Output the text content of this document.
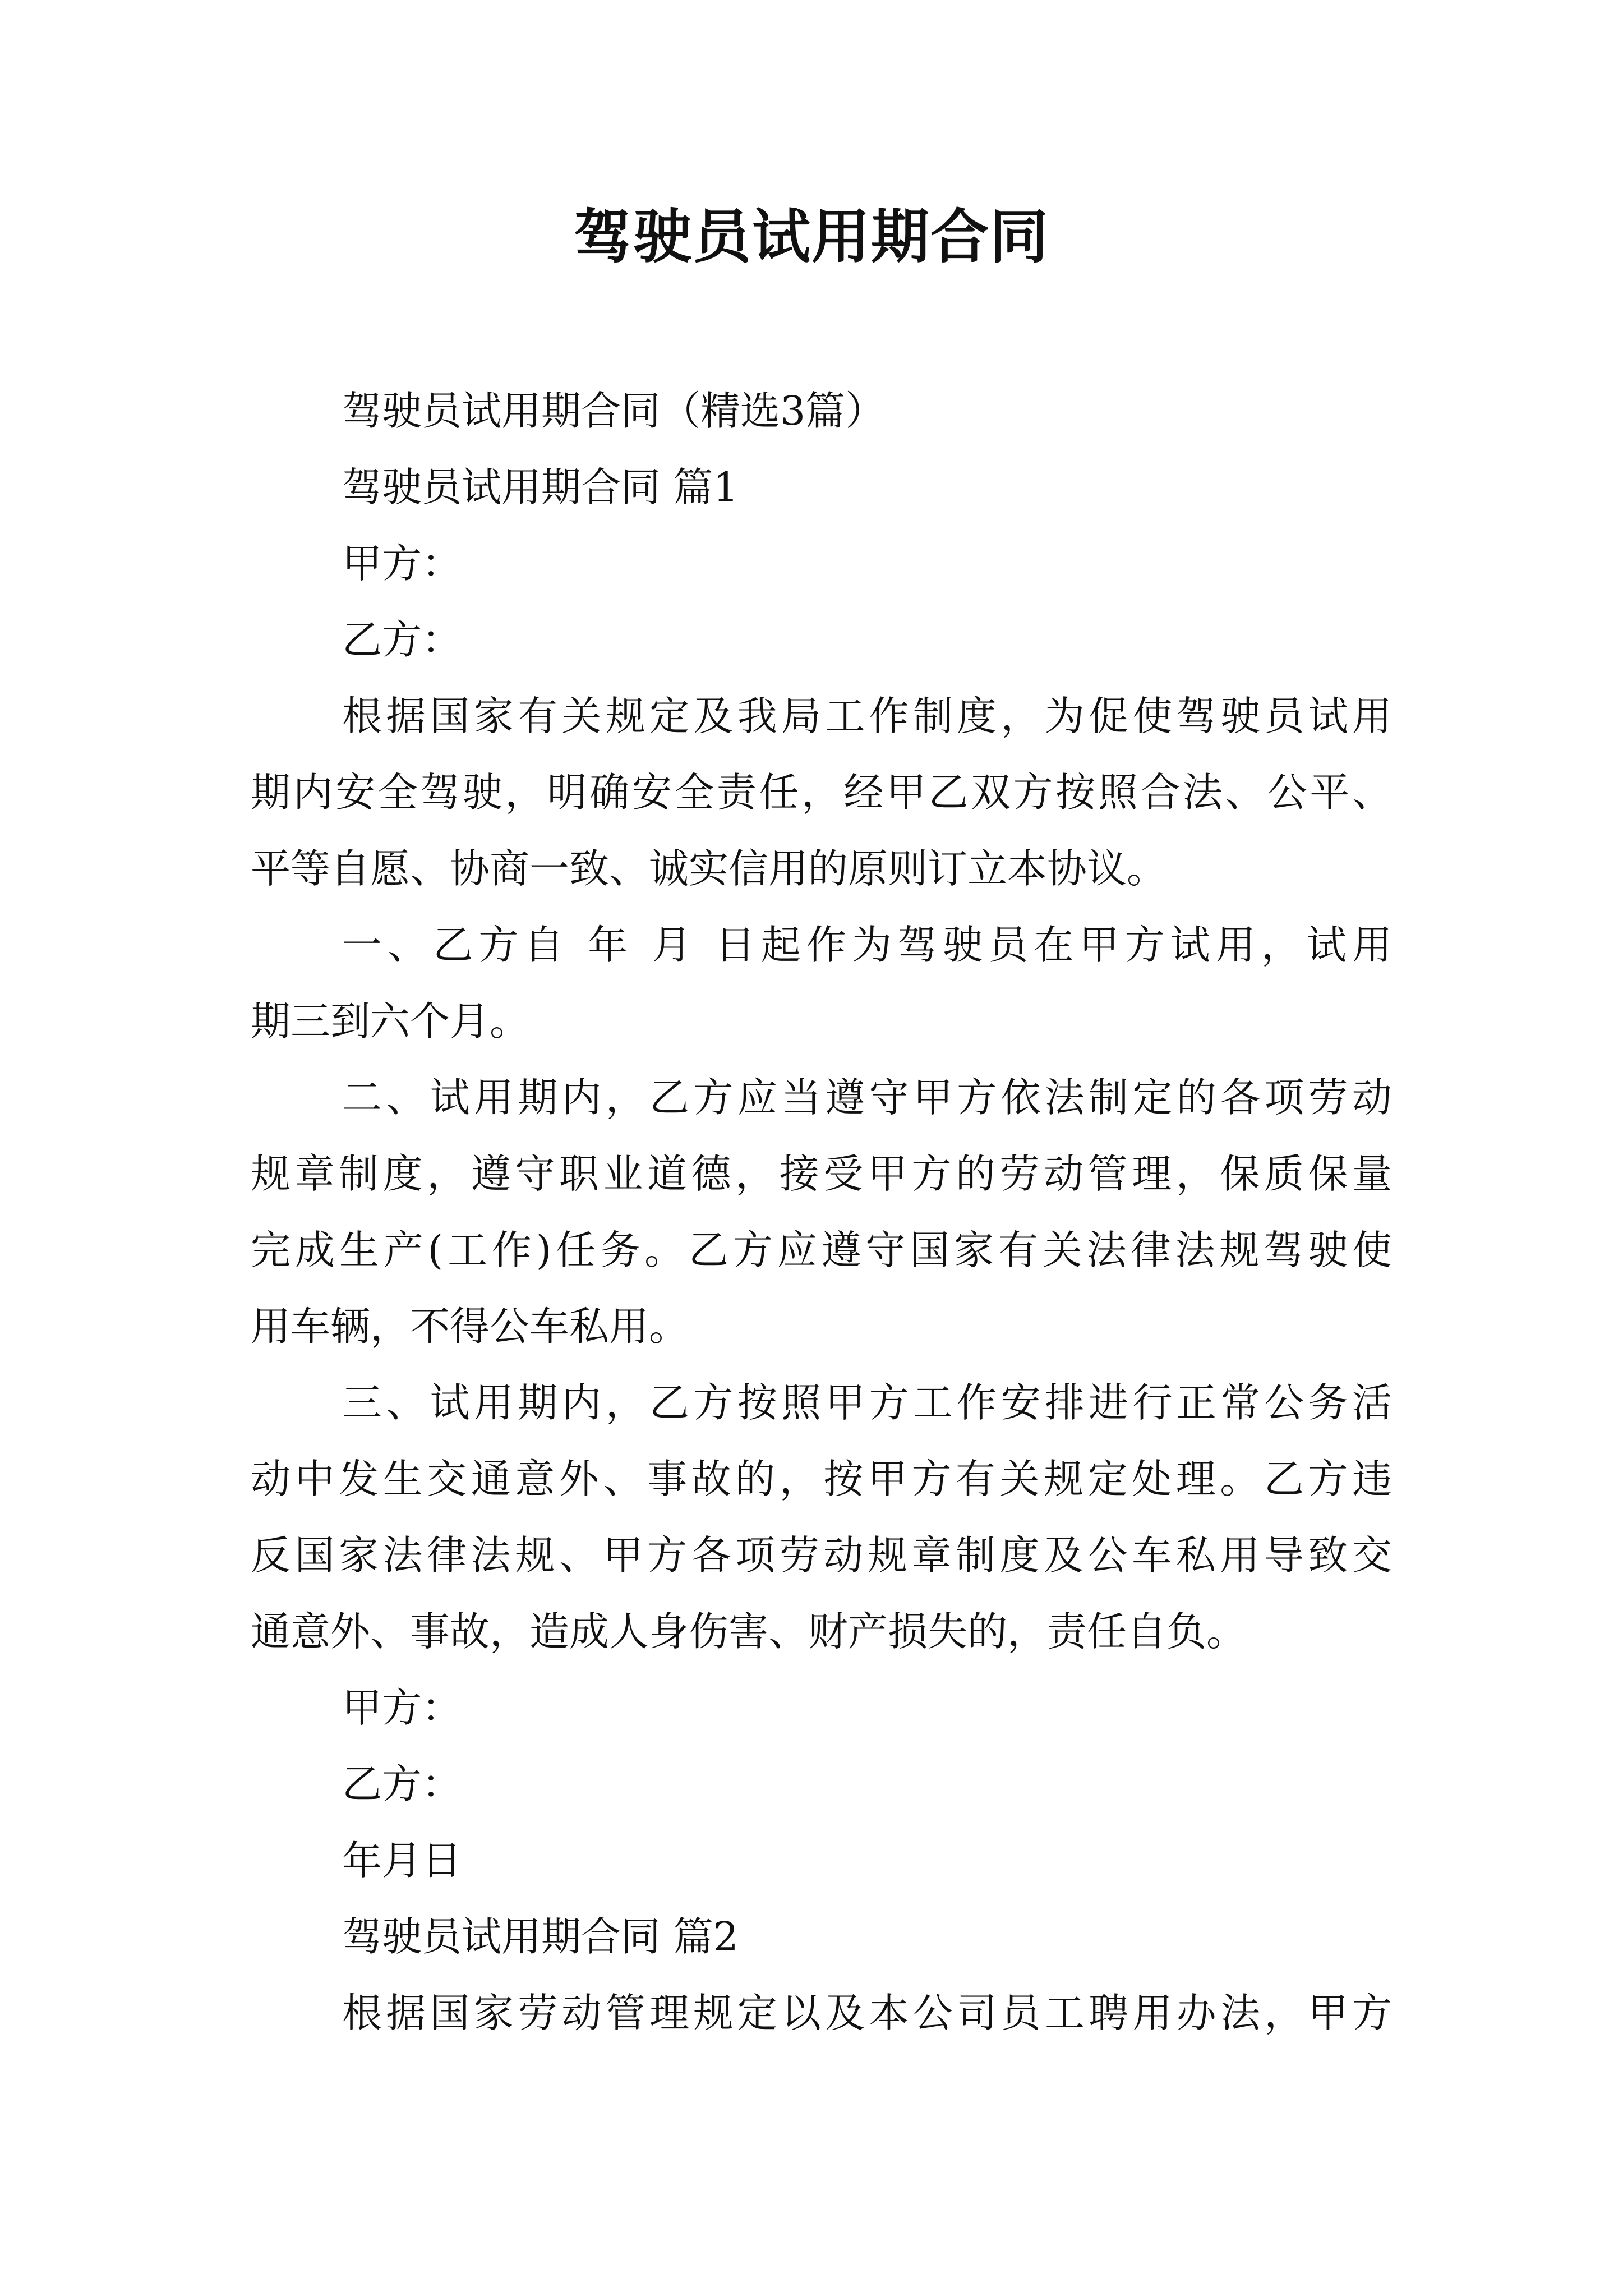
驾驶员试用期合同
驾驶员试用期合同（精选3篇）
驾驶员试用期合同 篇1
甲方：
乙方：
根据国家有关规定及我局工作制度，为促使驾驶员试用
期内安全驾驶，明确安全责任，经甲乙双方按照合法、公平、
平等自愿、协商一致、诚实信用的原则订立本协议。
一、乙方自 年 月 日起作为驾驶员在甲方试用，试用
期三到六个月。
二、试用期内，乙方应当遵守甲方依法制定的各项劳动
规章制度，遵守职业道德，接受甲方的劳动管理，保质保量
完成生产(工作)任务。乙方应遵守国家有关法律法规驾驶使
用车辆，不得公车私用。
三、试用期内，乙方按照甲方工作安排进行正常公务活
动中发生交通意外、事故的，按甲方有关规定处理。乙方违
反国家法律法规、甲方各项劳动规章制度及公车私用导致交
通意外、事故，造成人身伤害、财产损失的，责任自负。
甲方：
乙方：
年月日
驾驶员试用期合同 篇2
根据国家劳动管理规定以及本公司员工聘用办法，甲方
